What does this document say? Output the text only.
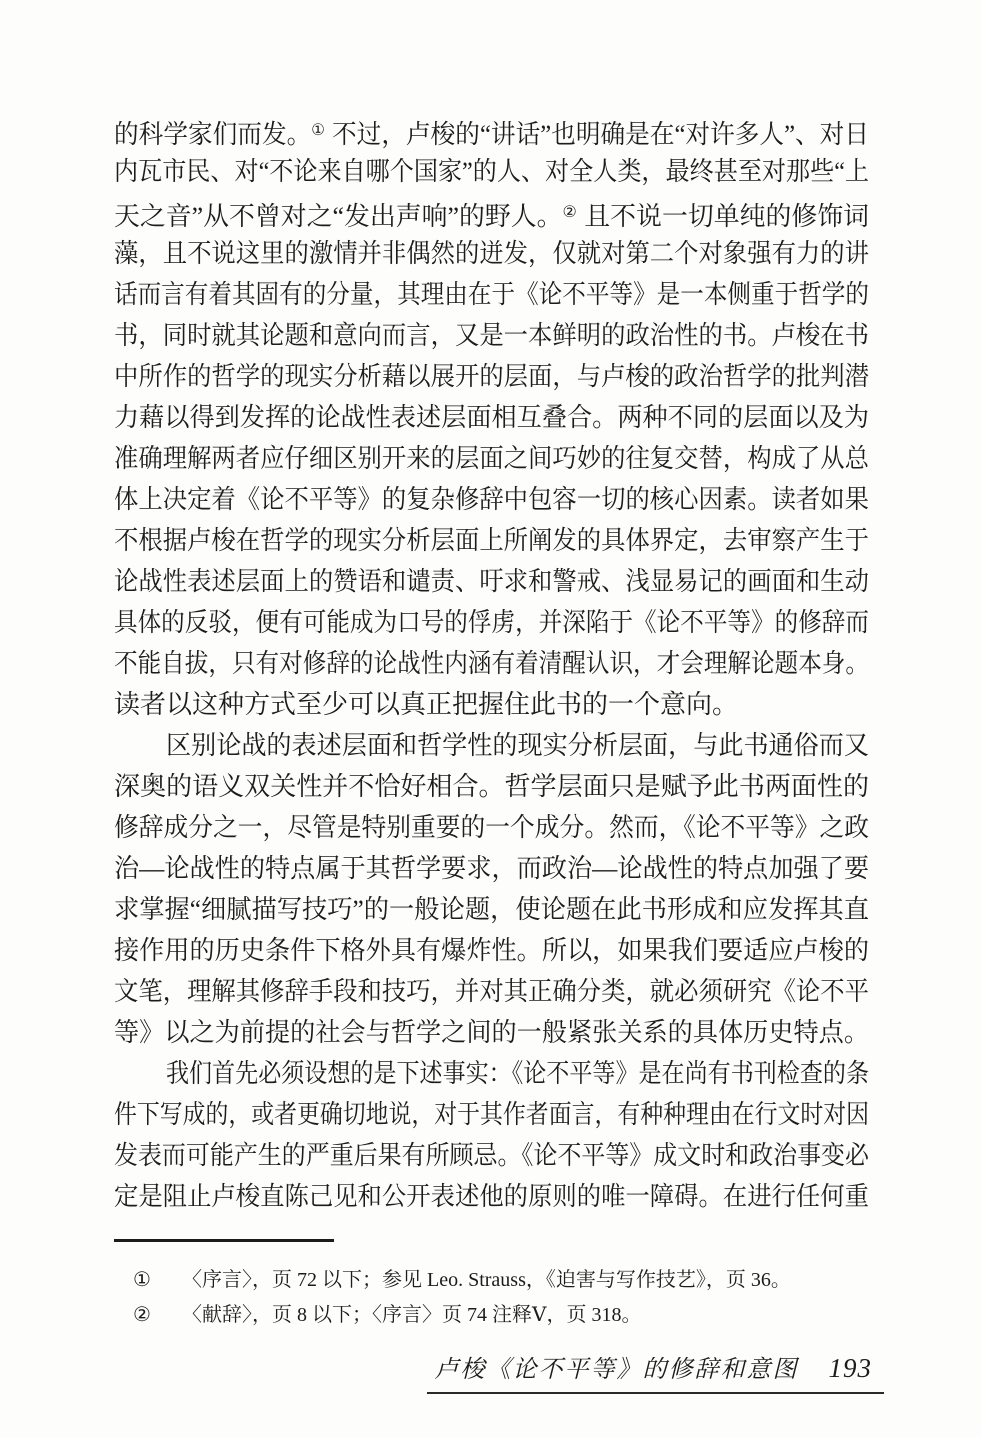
的科学家们而发。① 不过，卢梭的“讲话”也明确是在“对许多人”、对日
内瓦市民、对“不论来自哪个国家”的人、对全人类，最终甚至对那些“上
天之音”从不曾对之“发出声响”的野人。② 且不说一切单纯的修饰词
藻，且不说这里的激情并非偶然的迸发，仅就对第二个对象强有力的讲
话而言有着其固有的分量，其理由在于《论不平等》是一本侧重于哲学的
书，同时就其论题和意向而言，又是一本鲜明的政治性的书。卢梭在书
中所作的哲学的现实分析藉以展开的层面，与卢梭的政治哲学的批判潜
力藉以得到发挥的论战性表述层面相互叠合。两种不同的层面以及为
准确理解两者应仔细区别开来的层面之间巧妙的往复交替，构成了从总
体上决定着《论不平等》的复杂修辞中包容一切的核心因素。读者如果
不根据卢梭在哲学的现实分析层面上所阐发的具体界定，去审察产生于
论战性表述层面上的赞语和谴责、吁求和警戒、浅显易记的画面和生动
具体的反驳，便有可能成为口号的俘虏，并深陷于《论不平等》的修辞而
不能自拔，只有对修辞的论战性内涵有着清醒认识，才会理解论题本身。
读者以这种方式至少可以真正把握住此书的一个意向。
区别论战的表述层面和哲学性的现实分析层面，与此书通俗而又
深奥的语义双关性并不恰好相合。哲学层面只是赋予此书两面性的
修辞成分之一，尽管是特别重要的一个成分。然而，《论不平等》之政
治—论战性的特点属于其哲学要求，而政治—论战性的特点加强了要
求掌握“细腻描写技巧”的一般论题，使论题在此书形成和应发挥其直
接作用的历史条件下格外具有爆炸性。所以，如果我们要适应卢梭的
文笔，理解其修辞手段和技巧，并对其正确分类，就必须研究《论不平
等》以之为前提的社会与哲学之间的一般紧张关系的具体历史特点。
我们首先必须设想的是下述事实：《论不平等》是在尚有书刊检查的条
件下写成的，或者更确切地说，对于其作者面言，有种种理由在行文时对因
发表而可能产生的严重后果有所顾忌。《论不平等》成文时和政治事变必
定是阻止卢梭直陈己见和公开表述他的原则的唯一障碍。在进行任何重
①	〈序言〉，页 72 以下；参见 Leo. Strauss，《迫害与写作技艺》，页 36。
②	〈献辞〉，页 8 以下；〈序言〉页 74 注释Ⅴ，页 318。
卢梭《论不平等》的修辞和意图 193
